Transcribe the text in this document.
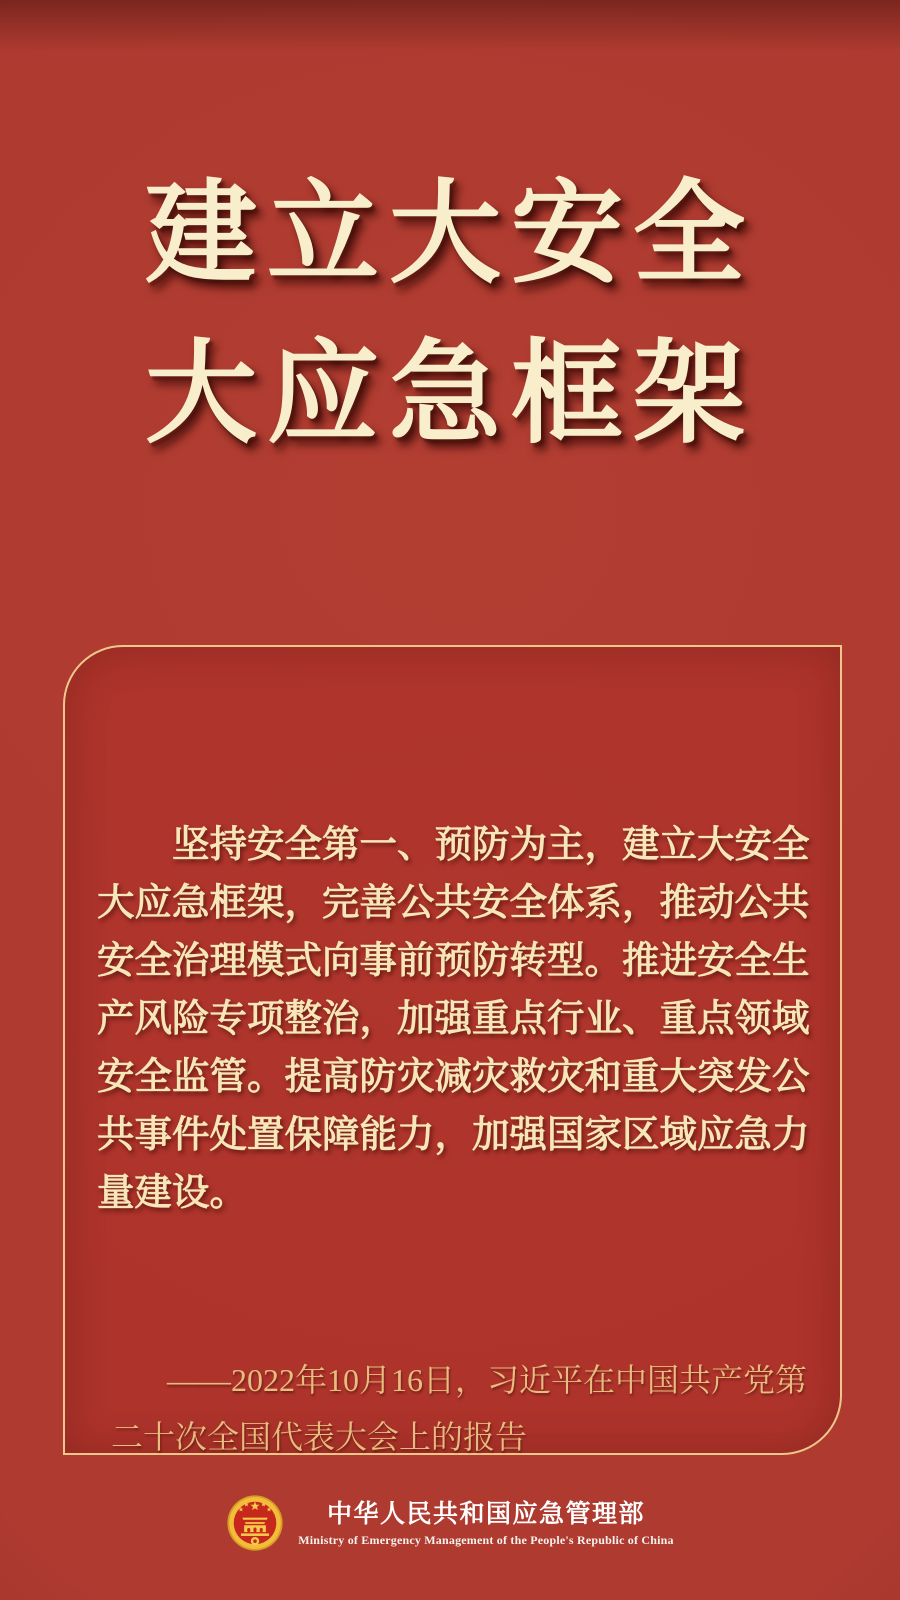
建立大安全
大应急框架
坚持安全第一、预防为主，建立大安全
大应急框架，完善公共安全体系，推动公共
安全治理模式向事前预防转型。推进安全生
产风险专项整治，加强重点行业、重点领域
安全监管。提高防灾减灾救灾和重大突发公
共事件处置保障能力，加强国家区域应急力
量建设。
——2022年10月16日，习近平在中国共产党第
二十次全国代表大会上的报告
中华人民共和国应急管理部
Ministry of Emergency Management of the People's Republic of China
